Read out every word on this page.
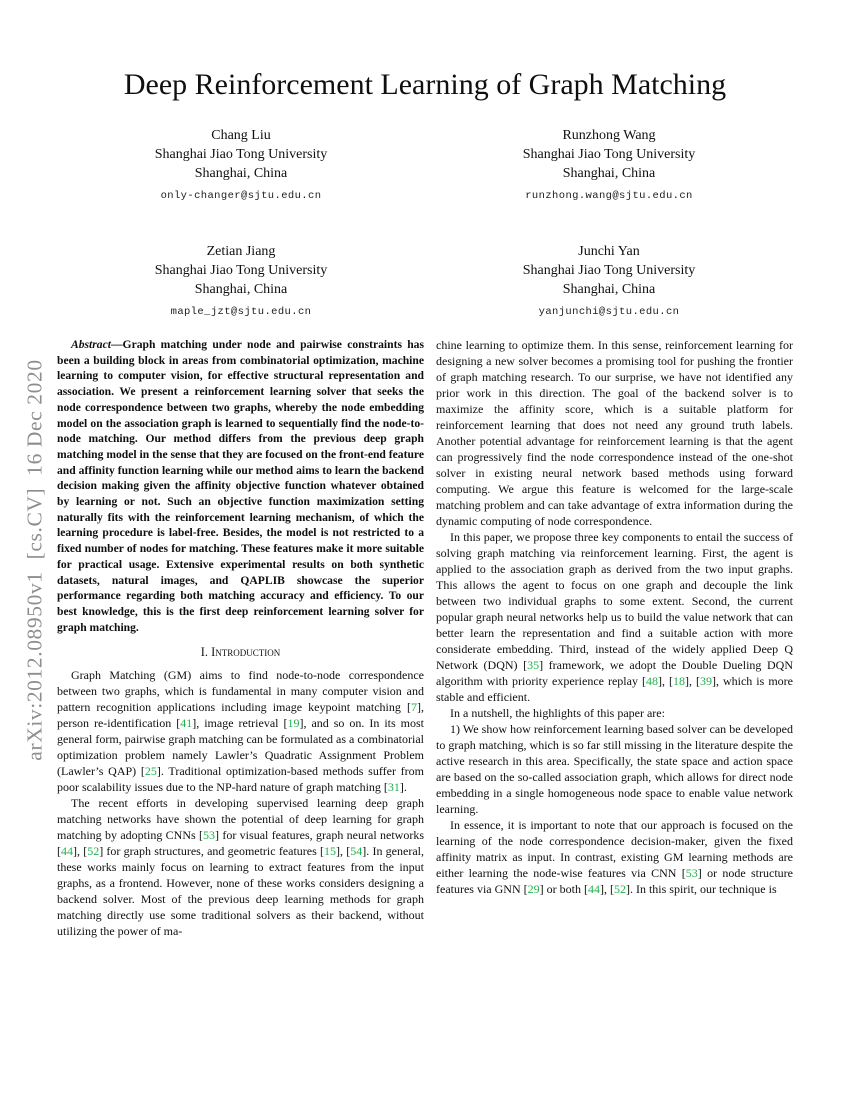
arXiv:2012.08950v1  [cs.CV]  16 Dec 2020
Deep Reinforcement Learning of Graph Matching
Chang Liu
Shanghai Jiao Tong University
Shanghai, China
only-changer@sjtu.edu.cn
Runzhong Wang
Shanghai Jiao Tong University
Shanghai, China
runzhong.wang@sjtu.edu.cn
Zetian Jiang
Shanghai Jiao Tong University
Shanghai, China
maple_jzt@sjtu.edu.cn
Junchi Yan
Shanghai Jiao Tong University
Shanghai, China
yanjunchi@sjtu.edu.cn

Abstract—Graph matching under node and pairwise constraints has been a building block in areas from combinatorial optimization, machine learning to computer vision, for effective structural representation and association. We present a reinforcement learning solver that seeks the node correspondence between two graphs, whereby the node embedding model on the association graph is learned to sequentially find the node-to-node matching. Our method differs from the previous deep graph matching model in the sense that they are focused on the front-end feature and affinity function learning while our method aims to learn the backend decision making given the affinity objective function whatever obtained by learning or not. Such an objective function maximization setting naturally fits with the reinforcement learning mechanism, of which the learning procedure is label-free. Besides, the model is not restricted to a fixed number of nodes for matching. These features make it more suitable for practical usage. Extensive experimental results on both synthetic datasets, natural images, and QAPLIB showcase the superior performance regarding both matching accuracy and efficiency. To our best knowledge, this is the first deep reinforcement learning solver for graph matching.

I. Introduction

Graph Matching (GM) aims to find node-to-node correspondence between two graphs, which is fundamental in many computer vision and pattern recognition applications including image keypoint matching [7], person re-identification [41], image retrieval [19], and so on. In its most general form, pairwise graph matching can be formulated as a combinatorial optimization problem namely Lawler’s Quadratic Assignment Problem (Lawler’s QAP) [25]. Traditional optimization-based methods suffer from poor scalability issues due to the NP-hard nature of graph matching [31].

The recent efforts in developing supervised learning deep graph matching networks have shown the potential of deep learning for graph matching by adopting CNNs [53] for visual features, graph neural networks [44], [52] for graph structures, and geometric features [15], [54]. In general, these works mainly focus on learning to extract features from the input graphs, as a frontend. However, none of these works considers designing a backend solver. Most of the previous deep learning methods for graph matching directly use some traditional solvers as their backend, without utilizing the power of ma-

chine learning to optimize them. In this sense, reinforcement learning for designing a new solver becomes a promising tool for pushing the frontier of graph matching research. To our surprise, we have not identified any prior work in this direction. The goal of the backend solver is to maximize the affinity score, which is a suitable platform for reinforcement learning that does not need any ground truth labels. Another potential advantage for reinforcement learning is that the agent can progressively find the node correspondence instead of the one-shot solver in existing neural network based methods using forward computing. We argue this feature is welcomed for the large-scale matching problem and can take advantage of extra information during the dynamic computing of node correspondence.

In this paper, we propose three key components to entail the success of solving graph matching via reinforcement learning. First, the agent is applied to the association graph as derived from the two input graphs. This allows the agent to focus on one graph and decouple the link between two individual graphs to some extent. Second, the current popular graph neural networks help us to build the value network that can better learn the representation and find a suitable action with more considerate embedding. Third, instead of the widely applied Deep Q Network (DQN) [35] framework, we adopt the Double Dueling DQN algorithm with priority experience replay [48], [18], [39], which is more stable and efficient.

In a nutshell, the highlights of this paper are:

1) We show how reinforcement learning based solver can be developed to graph matching, which is so far still missing in the literature despite the active research in this area. Specifically, the state space and action space are based on the so-called association graph, which allows for direct node embedding in a single homogeneous node space to enable value network learning.

In essence, it is important to note that our approach is focused on the learning of the node correspondence decision-maker, given the fixed affinity matrix as input. In contrast, existing GM learning methods are either learning the node-wise features via CNN [53] or node structure features via GNN [29] or both [44], [52]. In this spirit, our technique is
